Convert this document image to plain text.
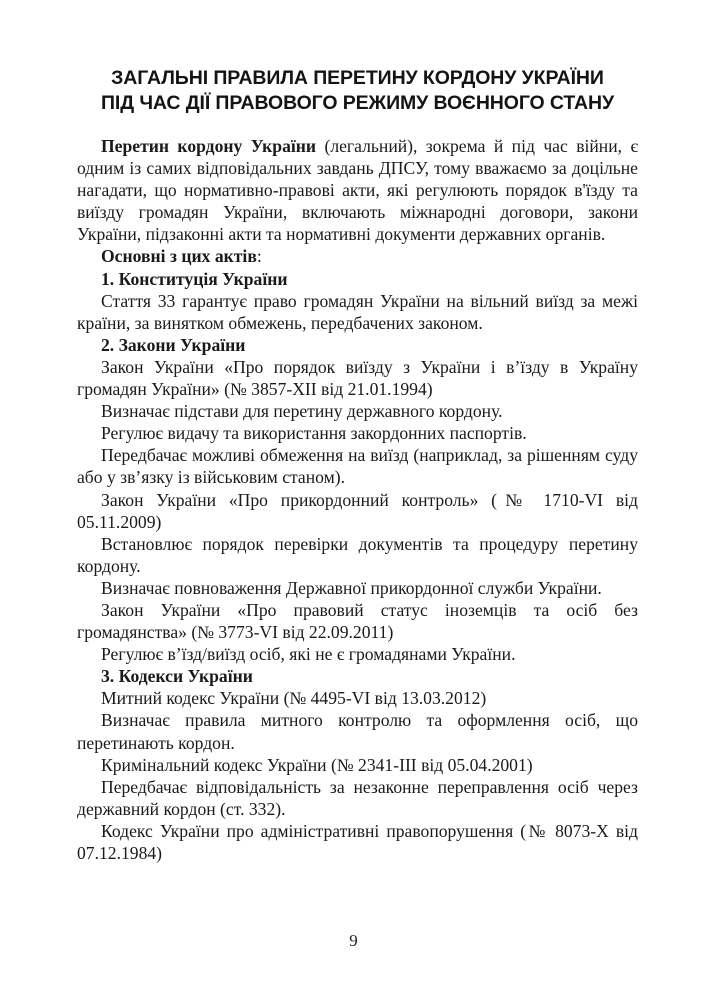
ЗАГАЛЬНІ ПРАВИЛА ПЕРЕТИНУ КОРДОНУ УКРАЇНИ
ПІД ЧАС ДІЇ ПРАВОВОГО РЕЖИМУ ВОЄННОГО СТАНУ

Перетин кордону України (легальний), зокрема й під час війни, є одним із самих відповідальних завдань ДПСУ, тому вважаємо за доцільне нагадати, що нормативно-правові акти, які регулюють порядок в'їзду та виїзду громадян України, включають міжнародні договори, закони України, підзаконні акти та нормативні документи державних органів.

Основні з цих актів:

1. Конституція України

Стаття 33 гарантує право громадян України на вільний виїзд за межі країни, за винятком обмежень, передбачених законом.

2. Закони України

Закон України «Про порядок виїзду з України і в’їзду в Україну громадян України» (№ 3857-XII від 21.01.1994)

Визначає підстави для перетину державного кордону.

Регулює видачу та використання закордонних паспортів.

Передбачає можливі обмеження на виїзд (наприклад, за рішенням суду або у зв’язку із військовим станом).

Закон України «Про прикордонний контроль» (№ 1710-VI від 05.11.2009)

Встановлює порядок перевірки документів та процедуру перетину кордону.

Визначає повноваження Державної прикордонної служби України.

Закон України «Про правовий статус іноземців та осіб без громадянства» (№ 3773-VI від 22.09.2011)

Регулює в’їзд/виїзд осіб, які не є громадянами України.

3. Кодекси України

Митний кодекс України (№ 4495-VI від 13.03.2012)

Визначає правила митного контролю та оформлення осіб, що перетинають кордон.

Кримінальний кодекс України (№ 2341-III від 05.04.2001)

Передбачає відповідальність за незаконне переправлення осіб через державний кордон (ст. 332).

Кодекс України про адміністративні правопорушення (№ 8073-X від 07.12.1984)

9
